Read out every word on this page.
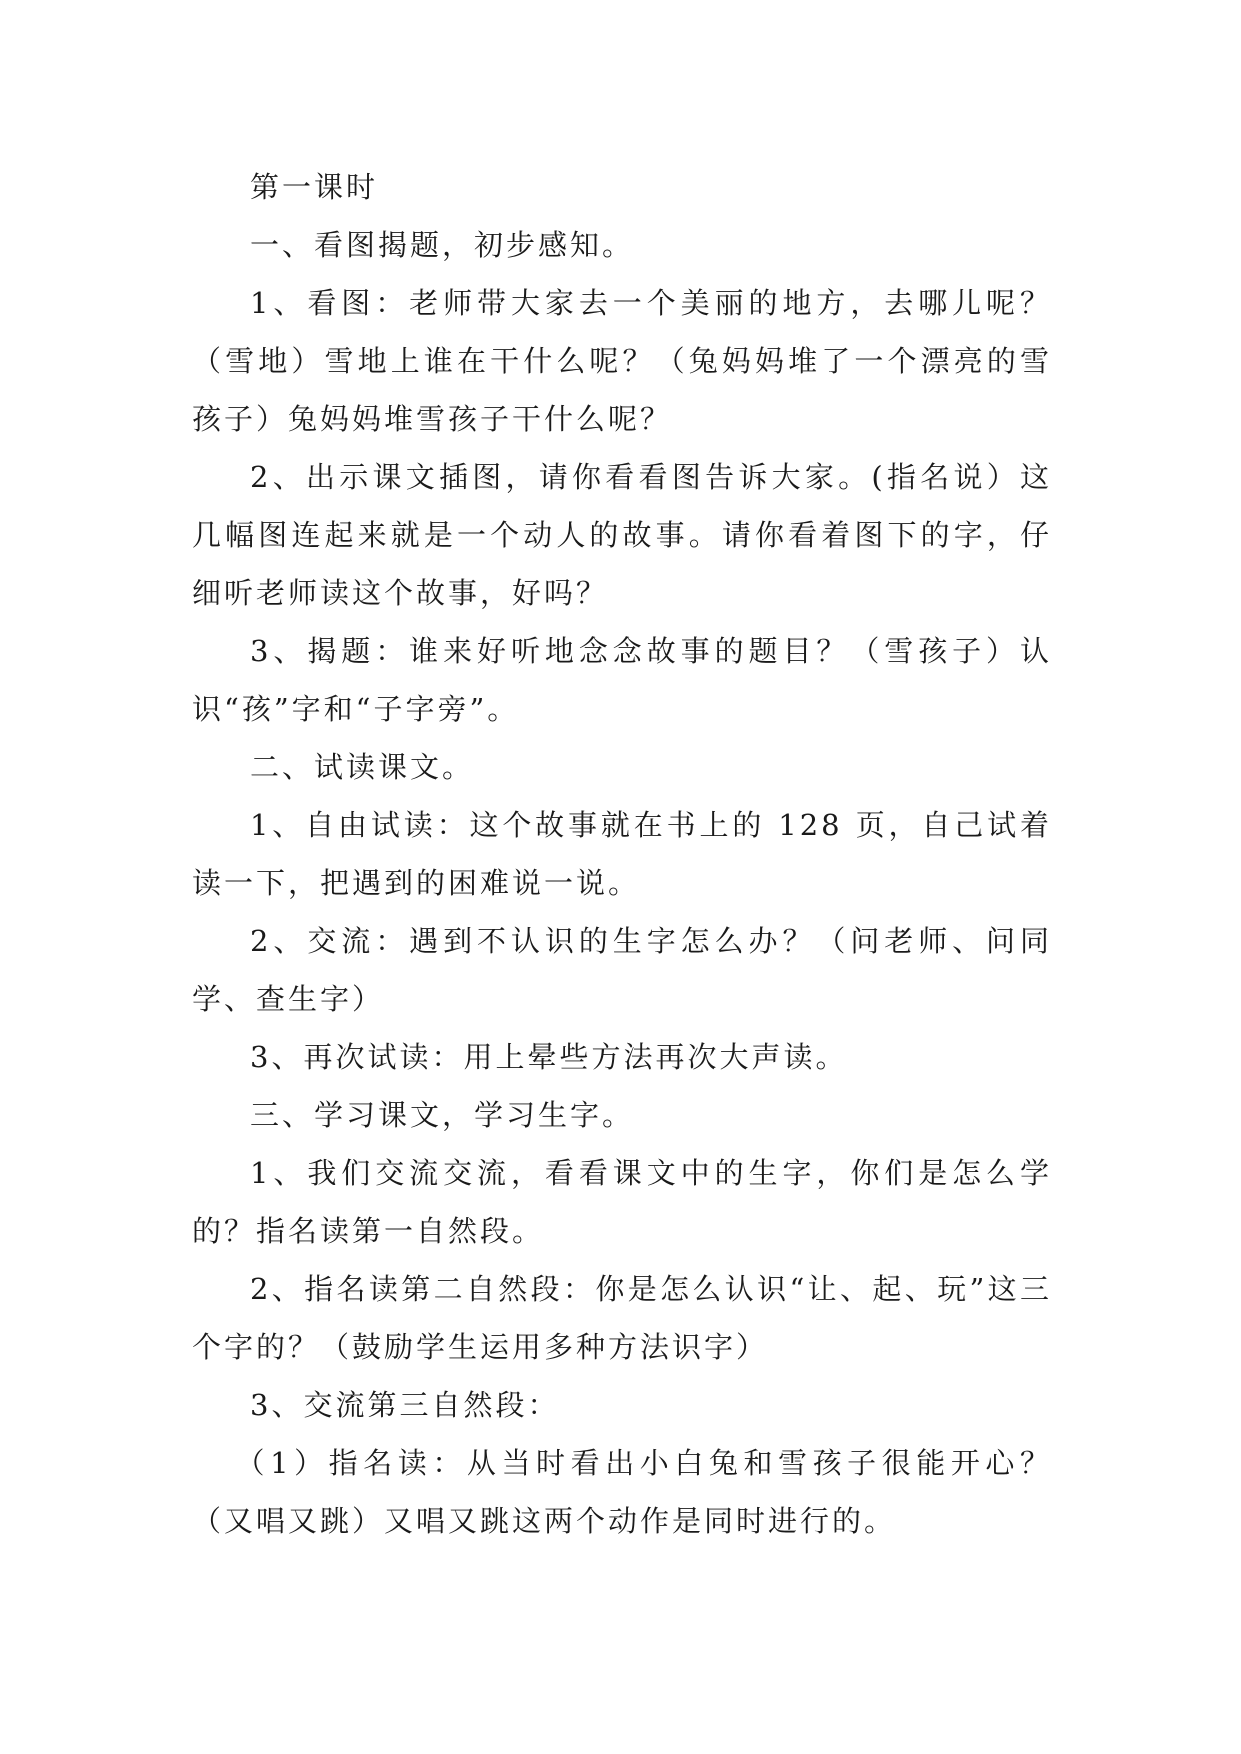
第一课时

一、看图揭题，初步感知。

1、看图：老师带大家去一个美丽的地方，去哪儿呢？（雪地）雪地上谁在干什么呢？（兔妈妈堆了一个漂亮的雪孩子）兔妈妈堆雪孩子干什么呢？

2、出示课文插图，请你看看图告诉大家。(指名说）这几幅图连起来就是一个动人的故事。请你看着图下的字，仔细听老师读这个故事，好吗？

3、揭题：谁来好听地念念故事的题目？（雪孩子）认识“孩”字和“子字旁”。

二、试读课文。

1、自由试读：这个故事就在书上的 128 页，自己试着读一下，把遇到的困难说一说。

2、交流：遇到不认识的生字怎么办？（问老师、问同学、查生字）

3、再次试读：用上晕些方法再次大声读。

三、学习课文，学习生字。

1、我们交流交流，看看课文中的生字，你们是怎么学的？指名读第一自然段。

2、指名读第二自然段：你是怎么认识“让、起、玩”这三个字的？（鼓励学生运用多种方法识字）

3、交流第三自然段：

（1）指名读：从当时看出小白兔和雪孩子很能开心？（又唱又跳）又唱又跳这两个动作是同时进行的。
